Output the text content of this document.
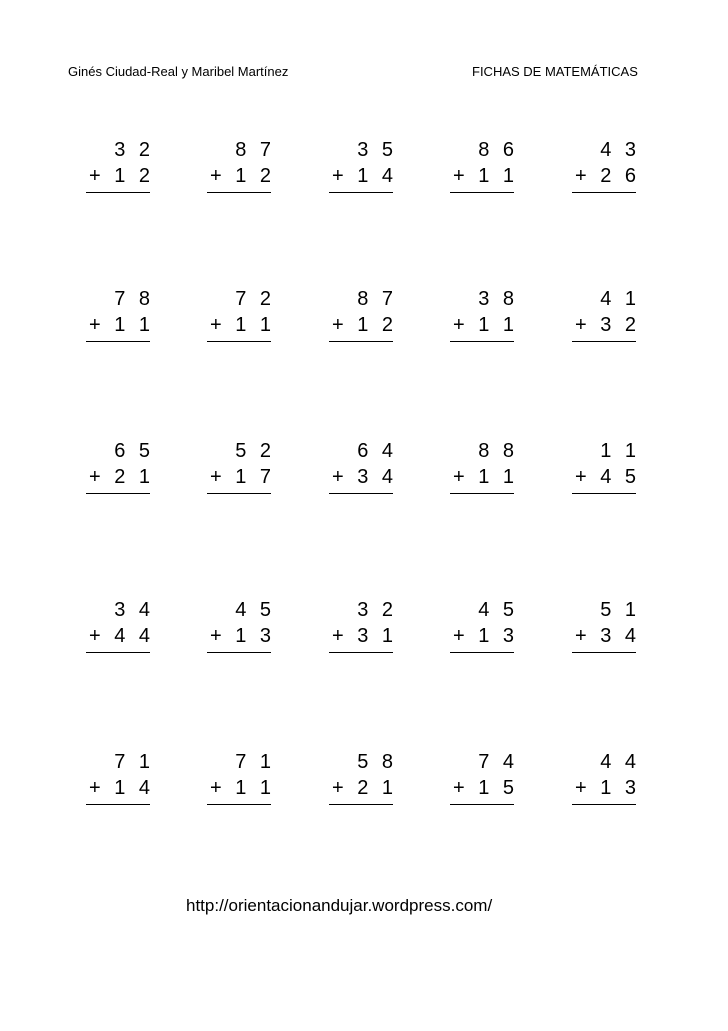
Ginés Ciudad-Real y Maribel Martínez	FICHAS DE MATEMÁTICAS
3 2
+ 1 2
8 7
+ 1 2
3 5
+ 1 4
8 6
+ 1 1
4 3
+ 2 6
7 8
+ 1 1
7 2
+ 1 1
8 7
+ 1 2
3 8
+ 1 1
4 1
+ 3 2
6 5
+ 2 1
5 2
+ 1 7
6 4
+ 3 4
8 8
+ 1 1
1 1
+ 4 5
3 4
+ 4 4
4 5
+ 1 3
3 2
+ 3 1
4 5
+ 1 3
5 1
+ 3 4
7 1
+ 1 4
7 1
+ 1 1
5 8
+ 2 1
7 4
+ 1 5
4 4
+ 1 3
http://orientacionandujar.wordpress.com/
